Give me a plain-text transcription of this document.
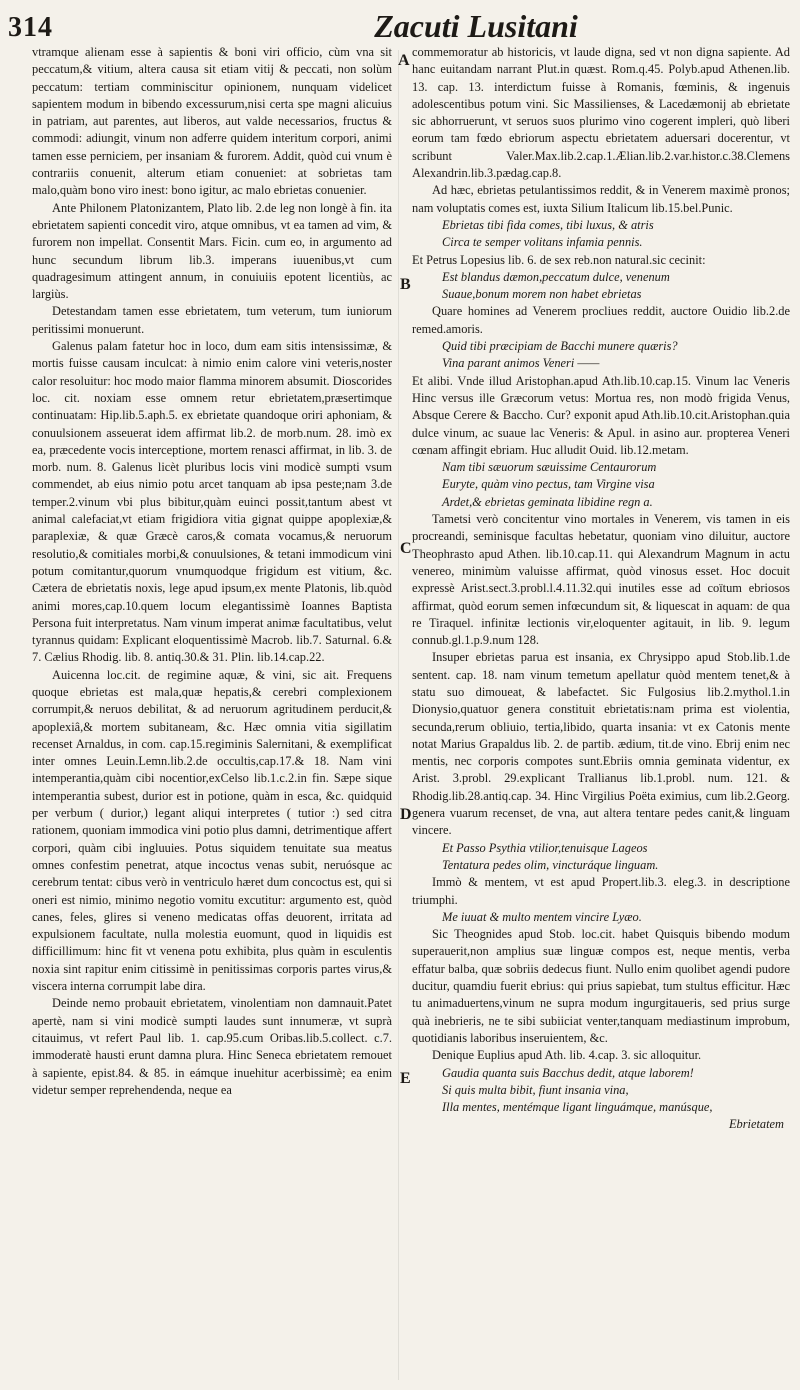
314	Zacuti Lusitani
A
B
C
D
E

vtramque alienam esse à sapientis & boni viri officio, cùm vna sit peccatum,& vitium, altera causa sit etiam vitij & peccati, non solùm peccatum: tertiam comminiscitur opinionem, nunquam videlicet sapientem modum in bibendo excessurum,nisi certa spe magni alicuius in patriam, aut parentes, aut liberos, aut valde necessarios, fructus & commodi: adiungit, vinum non adferre quidem interitum corpori, animi tamen esse perniciem, per insaniam & furorem. Addit, quòd cui vnum è contrariis conuenit, alterum etiam conueniet: at sobrietas tam malo,quàm bono viro inest: bono igitur, ac malo ebrietas conuenier.

Ante Philonem Platonizantem, Plato lib. 2.de leg non longè à fin. ita ebrietatem sapienti concedit viro, atque omnibus, vt ea tamen ad vim, & furorem non impellat. Consentit Mars. Ficin. cum eo, in argumento ad hunc secundum librum lib.3. imperans iuuenibus,vt cum quadragesimum attingent annum, in conuiuiis epotent licentiùs, ac largiùs.

Detestandam tamen esse ebrietatem, tum veterum, tum iuniorum peritissimi monuerunt.

Galenus palam fatetur hoc in loco, dum eam sitis intensissimæ, & mortis fuisse causam inculcat: à nimio enim calore vini veteris,noster calor resoluitur: hoc modo maior flamma minorem absumit. Dioscorides loc. cit. noxiam esse omnem retur ebrietatem,præsertimque continuatam: Hip.lib.5.aph.5. ex ebrietate quandoque oriri aphoniam, & conuulsionem asseuerat idem affirmat lib.2. de morb.num. 28. imò ex ea, præcedente vocis interceptione, mortem renasci affirmat, in lib. 3. de morb. num. 8. Galenus licèt pluribus locis vini modicè sumpti vsum commendet, ab eius nimio potu arcet tanquam ab ipsa peste;nam 3.de temper.2.vinum vbi plus bibitur,quàm euinci possit,tantum abest vt animal calefaciat,vt etiam frigidiora vitia gignat quippe apoplexiæ,& paraplexiæ, & quæ Græcè caros,& comata vocamus,& neruorum resolutio,& comitiales morbi,& conuulsiones, & tetani immodicum vini potum comitantur,quorum vnumquodque frigidum est vitium, &c. Cætera de ebrietatis noxis, lege apud ipsum,ex mente Platonis, lib.quòd animi mores,cap.10.quem locum elegantissimè Ioannes Baptista Persona fuit interpretatus. Nam vinum imperat animæ facultatibus, velut tyrannus quidam: Explicant eloquentissimè Macrob. lib.7. Saturnal. 6.& 7. Cælius Rhodig. lib. 8. antiq.30.& 31. Plin. lib.14.cap.22.

Auicenna loc.cit. de regimine aquæ, & vini, sic ait. Frequens quoque ebrietas est mala,quæ hepatis,& cerebri complexionem corrumpit,& neruos debilitat, & ad neruorum agritudinem perducit,& apoplexiâ,& mortem subitaneam, &c. Hæc omnia vitia sigillatim recenset Arnaldus, in com. cap.15.regiminis Salernitani, & exemplificat inter omnes Leuin.Lemn.lib.2.de occultis,cap.17.& 18. Nam vini intemperantia,quàm cibi nocentior,exCelso lib.1.c.2.in fin. Sæpe sique intemperantia subest, durior est in potione, quàm in esca, &c. quidquid per verbum ( durior,) legant aliqui interpretes ( tutior :) sed citra rationem, quoniam immodica vini potio plus damni, detrimentique affert corpori, quàm cibi ingluuies. Potus siquidem tenuitate sua meatus omnes confestim penetrat, atque incoctus venas subit, neruósque ac cerebrum tentat: cibus verò in ventriculo hæret dum concoctus est, qui si oneri est nimio, minimo negotio vomitu excutitur: argumento est, quòd canes, feles, glires si veneno medicatas offas deuorent, irritata ad expulsionem facultate, nulla molestia euomunt, quod in liquidis est difficillimum: hinc fit vt venena potu exhibita, plus quàm in esculentis noxia sint rapitur enim citissimè in penitissimas corporis partes virus,& viscera interna corrumpit labe dira.

Deinde nemo probauit ebrietatem, vinolentiam non damnauit.Patet apertè, nam si vini modicè sumpti laudes sunt innumeræ, vt suprà citauimus, vt refert Paul lib. 1. cap.95.cum Oribas.lib.5.collect. c.7. immoderatè hausti erunt damna plura. Hinc Seneca ebrietatem remouet à sapiente, epist.84. & 85. in eámque inuehitur acerbissimè; ea enim videtur semper reprehendenda, neque ea

commemoratur ab historicis, vt laude digna, sed vt non digna sapiente. Ad hanc euitandam narrant Plut.in quæst. Rom.q.45. Polyb.apud Athenen.lib. 13. cap. 13. interdictum fuisse à Romanis, fœminis, & ingenuis adolescentibus potum vini. Sic Massilienses, & Lacedæmonij ab ebrietate sic abhorruerunt, vt seruos suos plurimo vino cogerent impleri, quò liberi eorum tam fœdo ebriorum aspectu ebrietatem aduersari docerentur, vt scribunt Valer.Max.lib.2.cap.1.Ælian.lib.2.var.histor.c.38.Clemens Alexandrin.lib.3.pædag.cap.8.

Ad hæc, ebrietas petulantissimos reddit, & in Venerem maximè pronos; nam voluptatis comes est, iuxta Silium Italicum lib.15.bel.Punic.

Ebrietas tibi fida comes, tibi luxus, & atris

Circa te semper volitans infamia pennis.

Et Petrus Lopesius lib. 6. de sex reb.non natural.sic cecinit:

Est blandus dæmon,peccatum dulce, venenum

Suaue,bonum morem non habet ebrietas

Quare homines ad Venerem procliues reddit, auctore Ouidio lib.2.de remed.amoris.

Quid tibi præcipiam de Bacchi munere quæris?

Vina parant animos Veneri ——

Et alibi. Vnde illud Aristophan.apud Ath.lib.10.cap.15. Vinum lac Veneris Hinc versus ille Græcorum vetus: Mortua res, non modò frigida Venus, Absque Cerere & Baccho. Cur? exponit apud Ath.lib.10.cit.Aristophan.quia dulce vinum, ac suaue lac Veneris: & Apul. in asino aur. propterea Veneri cœnam affingit ebriam. Huc alludit Ouid. lib.12.metam.

Nam tibi sæuorum sæuissime Centaurorum

Euryte, quàm vino pectus, tam Virgine visa

Ardet,& ebrietas geminata libidine regn a.

Tametsi verò concitentur vino mortales in Venerem, vis tamen in eis procreandi, seminisque facultas hebetatur, quoniam vino diluitur, auctore Theophrasto apud Athen. lib.10.cap.11. qui Alexandrum Magnum in actu venereo, minimùm valuisse affirmat, quòd vinosus esset. Hoc docuit expressè Arist.sect.3.probl.l.4.11.32.qui inutiles esse ad coïtum ebriosos affirmat, quòd eorum semen infœcundum sit, & liquescat in aquam: de qua re Tiraquel. infinitæ lectionis vir,eloquenter agitauit, in lib. 9. legum connub.gl.1.p.9.num 128.

Insuper ebrietas parua est insania, ex Chrysippo apud Stob.lib.1.de sentent. cap. 18. nam vinum temetum apellatur quòd mentem tenet,& à statu suo dimoueat, & labefactet. Sic Fulgosius lib.2.mythol.1.in Dionysio,quatuor genera constituit ebrietatis:nam prima est violentia, secunda,rerum obliuio, tertia,libido, quarta insania: vt ex Catonis mente notat Marius Grapaldus lib. 2. de partib. ædium, tit.de vino. Ebrij enim nec mentis, nec corporis compotes sunt.Ebriis omnia geminata videntur, ex Arist. 3.probl. 29.explicant Trallianus lib.1.probl. num. 121. & Rhodig.lib.28.antiq.cap. 34. Hinc Virgilius Poëta eximius, cum lib.2.Georg. genera vuarum recenset, de vna, aut altera tentare pedes canit,& linguam vincere.

Et Passo Psythia vtilior,tenuisque Lageos

Tentatura pedes olim, vincturáque linguam.

Immò & mentem, vt est apud Propert.lib.3. eleg.3. in descriptione triumphi.

Me iuuat & multo mentem vincire Lyæo.

Sic Theognides apud Stob. loc.cit. habet Quisquis bibendo modum superauerit,non amplius suæ linguæ compos est, neque mentis, verba effatur balba, quæ sobriis dedecus fiunt. Nullo enim quolibet agendi pudore ducitur, quamdiu fuerit ebrius: qui prius sapiebat, tum stultus efficitur. Hæc tu animaduertens,vinum ne supra modum ingurgitaueris, sed prius surge quà inebrieris, ne te sibi subiiciat venter,tanquam mediastinum improbum, quotidianis laboribus inseruientem, &c.

Denique Euplius apud Ath. lib. 4.cap. 3. sic alloquitur.

Gaudia quanta suis Bacchus dedit, atque laborem!

Si quis multa bibit, fiunt insania vina,

Illa mentes, mentémque ligant linguámque, manúsque,

Ebrietatem
